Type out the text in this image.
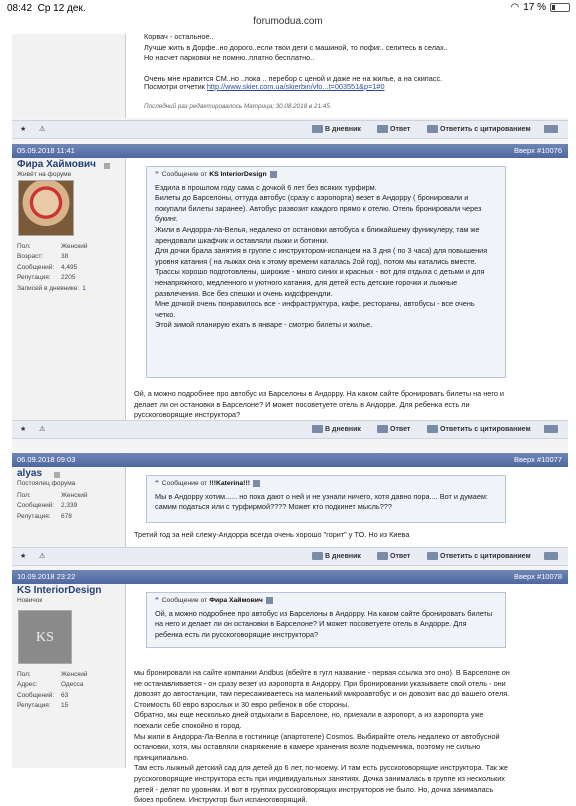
08:42 Ср 12 дек.
forumodua.com
◠ 17 %
Корвач - остальное..
Лучше жить в Дорфе..но дорого..если твои дети с машиной, то пофиг.. селитесь в селах..
Но насчет парковки не помню..платно бесплатно..
Очень мне нравится СМ..но ..пока .. перебор с ценой и даже не на жилье, а на скипасс.
Посмотри отчетик http://www.skier.com.ua/skierbin/vfo...t=003551&p=1#0
Последний раз редактировалось Матрица; 30.08.2018 в 21:45.
★ ⚠	В дневник	Ответ	Ответить с цитированием
05.09.2018 11:41	Вверх #10076
Фира Хаймович
Живёт на форуме
Пол:	Женский
Возраст:	38
Сообщений: 4,495
Репутация: 2205
Записей в дневнике: 1
❝ Сообщение от KS InteriorDesign
Ездила в прошлом году сама с дочкой 6 лет без всяких турфирм.
Билеты до Барселоны, оттуда автобус (сразу с аэропорта) везет в Андорру ( бронировали и
покупали билеты заранее). Автобус развозит каждого прямо к отелю. Отель бронировали через
букинг.
Жили в Андорра-ла-Велья, недалеко от остановки автобуса к ближайшему фуникулеру, там же
арендовали шкафчик и оставляли лыжи и ботинки.
Для дочки брала занятия в группе с инструктором-испанцем на 3 дня ( по 3 часа) для повышения
уровня катания ( на лыжах она к этому времени каталась 2ой год), потом мы катались вместе.
Трассы хорошо подготовлены, широкие - много синих и красных - вот для отдыха с детьми и для
ненапряжного, медленного и уютного катания, для детей есть детские горочки и лыжные
развлечения. Все без спешки и очень кидсфрендли.
Мне дочкой очень понравилось все - инфраструктура, кафе, рестораны, автобусы - все очень
четко.
Этой зимой планирую ехать в январе - смотрю билеты и жилье.
Ой, а можно подробнее про автобус из Барселоны в Андорру. На каком сайте бронировать билеты на него и
делает ли он остановки в Барселоне? И может посоветуете отель в Андорре. Для ребенка есть ли
русскоговорящие инструктора?
★ ⚠	В дневник	Ответ	Ответить с цитированием
06.09.2018 09:03	Вверх #10077
alyas
Постоялец форума
Пол:	Женский
Сообщений: 2,339
Репутация: 678
❝ Сообщение от !!!Katerina!!!
Мы в Андорру хотим...... но пока дают о ней и не узнали ничего, хотя давно пора.... Вот и думаем:
самим податься или с турфирмой???? Может кто подкинет мысль???
Третий год за ней слежу-Андорра всегда очень хорошо "горит" у ТО. Но из Киева
★ ⚠	В дневник	Ответ	Ответить с цитированием
10.09.2018 23:22	Вверх #10078
KS InteriorDesign
Новичок
KS
Пол:	Женский
Адрес:	Одесса
Сообщений: 63
Репутация: 15
❝ Сообщение от Фира Хаймович
Ой, а можно подробнее про автобус из Барселоны в Андорру. На каком сайте бронировать билеты
на него и делает ли он остановки в Барселоне? И может посоветуете отель в Андорре. Для
ребенка есть ли русскоговорящие инструктора?
мы бронировали на сайте компании Andbus (вбейте в гугл название - первая ссылка это оно). В Барселоне он
не останавливается - он сразу везет из аэропорта в Андорру. При бронировании указываете свой отель - они
довозят до автостанции, там пересаживаетесь на маленький микроавтобус и он довозит вас до вашего отеля.
Стоимость 60 евро взрослых и 30 евро ребенок в обе стороны.
Обратно, мы еще несколько дней отдыхали в Барселоне, но, приехали в аэропорт, а из аэропорта уже
поехали себе спокойно в город.
Мы жили в Андорра-Ла-Велла в гостинице (апартотеле) Cosmos. Выбирайте отель недалеко от автобусной
остановки, хотя, мы оставляли снаряжение в камере хранения возле подъемника, поэтому не сильно
принципиально.
Там есть лыжный детский сад для детей до 6 лет, по-моему. И там есть русскоговорящие инструктора. Так же
русскоговорящие инструктора есть при индивидуальных занятиях. Дочка занималась в группе из нескольких
детей - делят по уровням. И вот в группах русскоговорящих инструкторов не было. Но, дочка занималась
биоез проблем. Инструктор был испаноговорящий.
